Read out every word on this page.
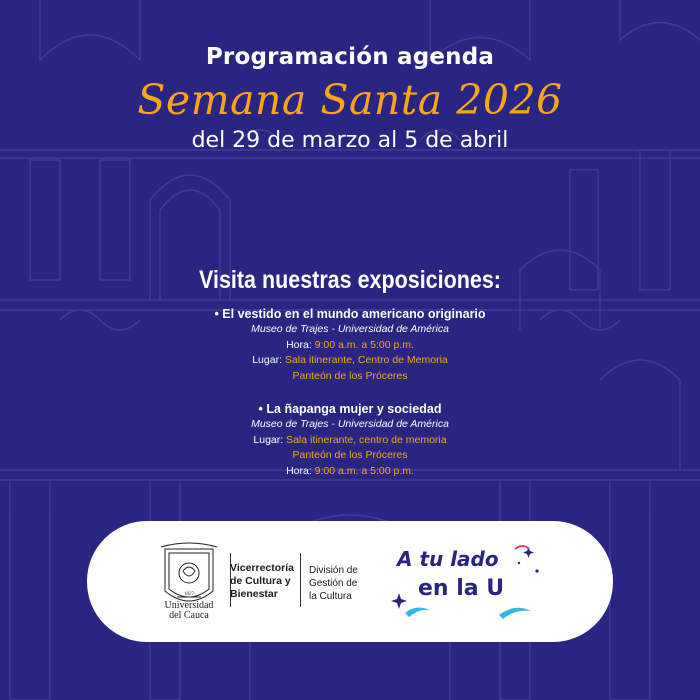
Programación agenda
Semana Santa 2026
del 29 de marzo al 5 de abril
Visita nuestras exposiciones:
• El vestido en el mundo americano originario
Museo de Trajes - Universidad de América
Hora: 9:00 a.m. a 5:00 p.m.
Lugar: Sala itinerante, Centro de Memoria
Panteón de los Próceres
• La ñapanga mujer y sociedad
Museo de Trajes - Universidad de América
Lugar: Sala itinerante, centro de memoria
Panteón de los Próceres
Hora: 9:00 a.m. a 5:00 p.m.
1827
Universidad
del Cauca
Vicerrectoría
de Cultura y
Bienestar
División de
Gestión de
la Cultura
A tu lado
en la U
